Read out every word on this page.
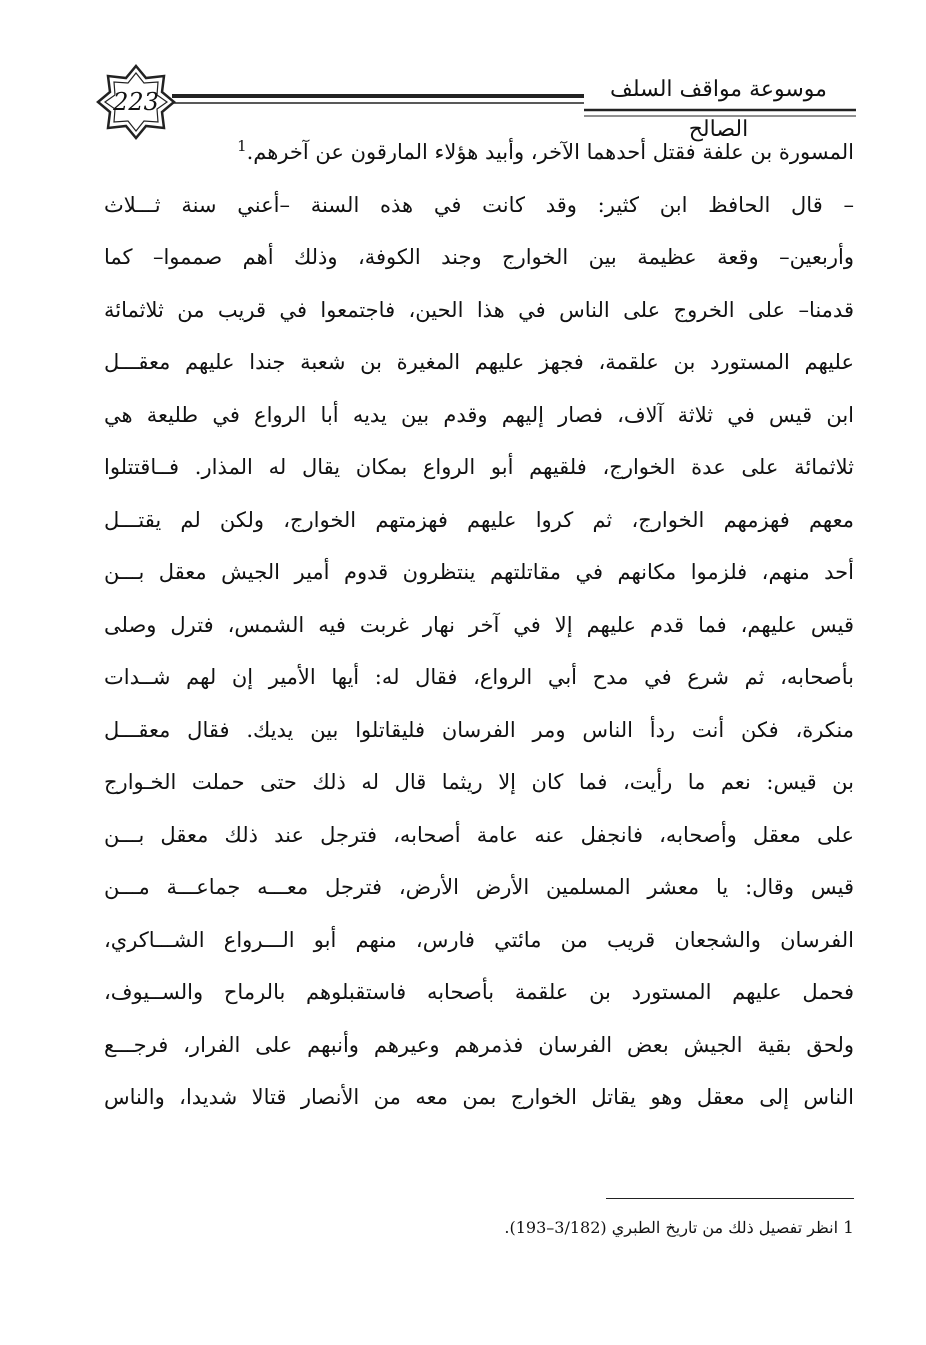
223	موسوعة مواقف السلف الصالح
المسورة بن علفة فقتل أحدهما الآخر، وأبيد هؤلاء المارقون عن آخرهم.$^1$
– قال الحافظ ابن كثير: وقد كانت في هذه السنة –أعني سنة ثـــلاث
وأربعين– وقعة عظيمة بين الخوارج وجند الكوفة، وذلك أهم صمموا– كما
قدمنا– على الخروج على الناس في هذا الحين، فاجتمعوا في قريب من ثلاثمائة
عليهم المستورد بن علقمة، فجهز عليهم المغيرة بن شعبة جندا عليهم معقـــل
ابن قيس في ثلاثة آلاف، فصار إليهم وقدم بين يديه أبا الرواع في طليعة هي
ثلاثمائة على عدة الخوارج، فلقيهم أبو الرواع بمكان يقال له المذار. فــاقتتلوا
معهم فهزمهم الخوارج، ثم كروا عليهم فهزمتهم الخوارج، ولكن لم يقتـــل
أحد منهم، فلزموا مكانهم في مقاتلتهم ينتظرون قدوم أمير الجيش معقل بـــن
قيس عليهم، فما قدم عليهم إلا في آخر نهار غربت فيه الشمس، فترل وصلى
بأصحابه، ثم شرع في مدح أبي الرواع، فقال له: أيها الأمير إن لهم شــدات
منكرة، فكن أنت ردأ الناس ومر الفرسان فليقاتلوا بين يديك. فقال معقـــل
بن قيس: نعم ما رأيت، فما كان إلا ريثما قال له ذلك حتى حملت الخـوارج
على معقل وأصحابه، فانجفل عنه عامة أصحابه، فترجل عند ذلك معقل بـــن
قيس وقال: يا معشر المسلمين الأرض الأرض، فترجل معـــه جماعـــة مـــن
الفرسان والشجعان قريب من مائتي فارس، منهم أبو الـــرواع الشـــاكري،
فحمل عليهم المستورد بن علقمة بأصحابه فاستقبلوهم بالرماح والســيوف،
ولحق بقية الجيش بعض الفرسان فذمرهم وعيرهم وأنبهم على الفرار، فرجـــع
الناس إلى معقل وهو يقاتل الخوارج بمن معه من الأنصار قتالا شديدا، والناس
1 انظر تفصيل ذلك من تاريخ الطبري (3/182–193).
